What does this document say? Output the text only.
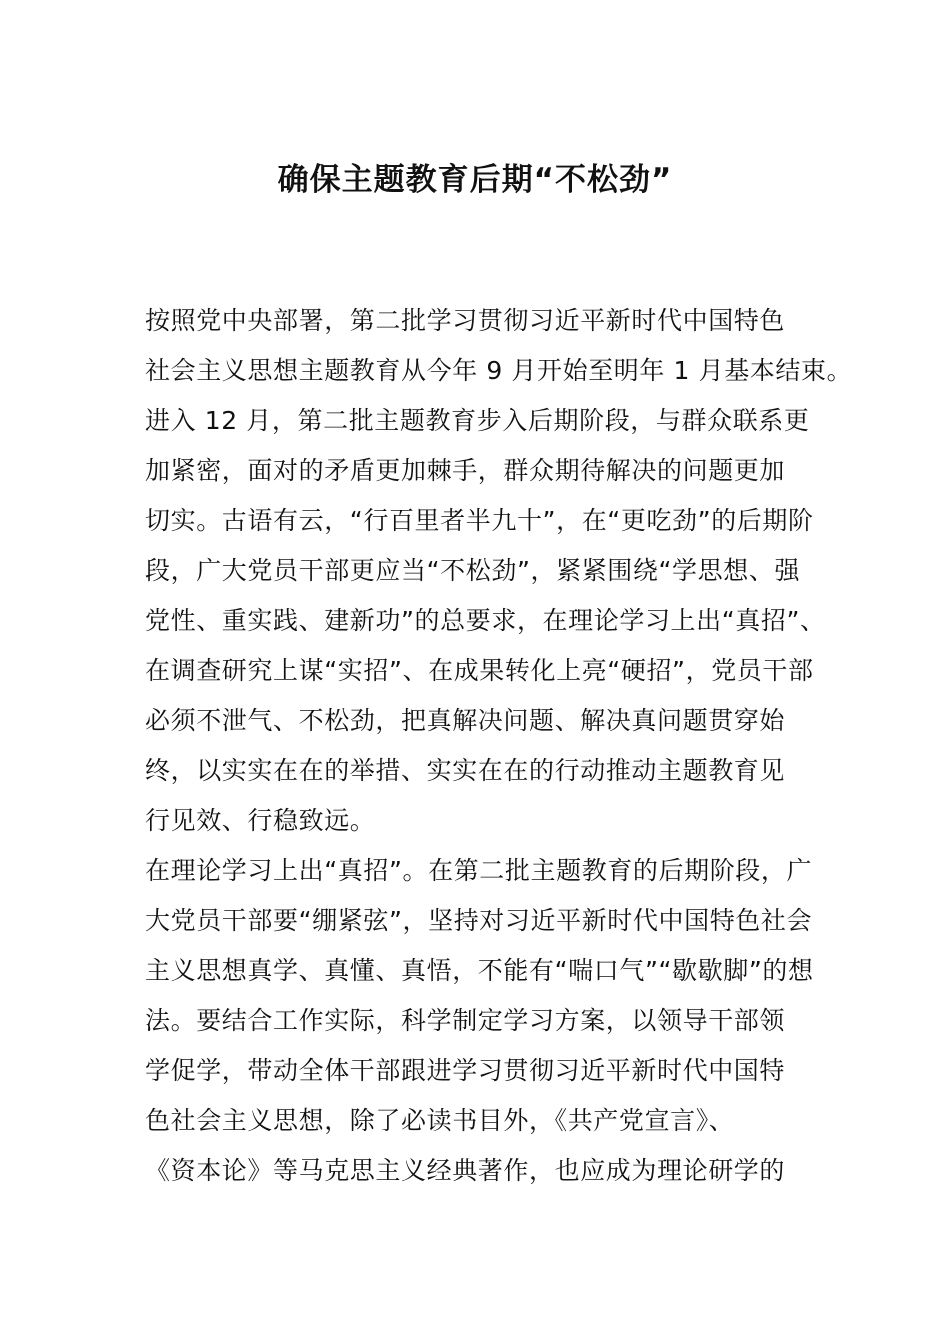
确保主题教育后期“不松劲”
按照党中央部署，第二批学习贯彻习近平新时代中国特色
社会主义思想主题教育从今年 9 月开始至明年 1 月基本结束。
进入 12 月，第二批主题教育步入后期阶段，与群众联系更
加紧密，面对的矛盾更加棘手，群众期待解决的问题更加
切实。古语有云，“行百里者半九十”，在“更吃劲”的后期阶
段，广大党员干部更应当“不松劲”，紧紧围绕“学思想、强
党性、重实践、建新功”的总要求，在理论学习上出“真招”、
在调查研究上谋“实招”、在成果转化上亮“硬招”，党员干部
必须不泄气、不松劲，把真解决问题、解决真问题贯穿始
终，以实实在在的举措、实实在在的行动推动主题教育见
行见效、行稳致远。
在理论学习上出“真招”。在第二批主题教育的后期阶段，广
大党员干部要“绷紧弦”，坚持对习近平新时代中国特色社会
主义思想真学、真懂、真悟，不能有“喘口气”“歇歇脚”的想
法。要结合工作实际，科学制定学习方案，以领导干部领
学促学，带动全体干部跟进学习贯彻习近平新时代中国特
色社会主义思想，除了必读书目外，《共产党宣言》、
《资本论》等马克思主义经典著作，也应成为理论研学的
